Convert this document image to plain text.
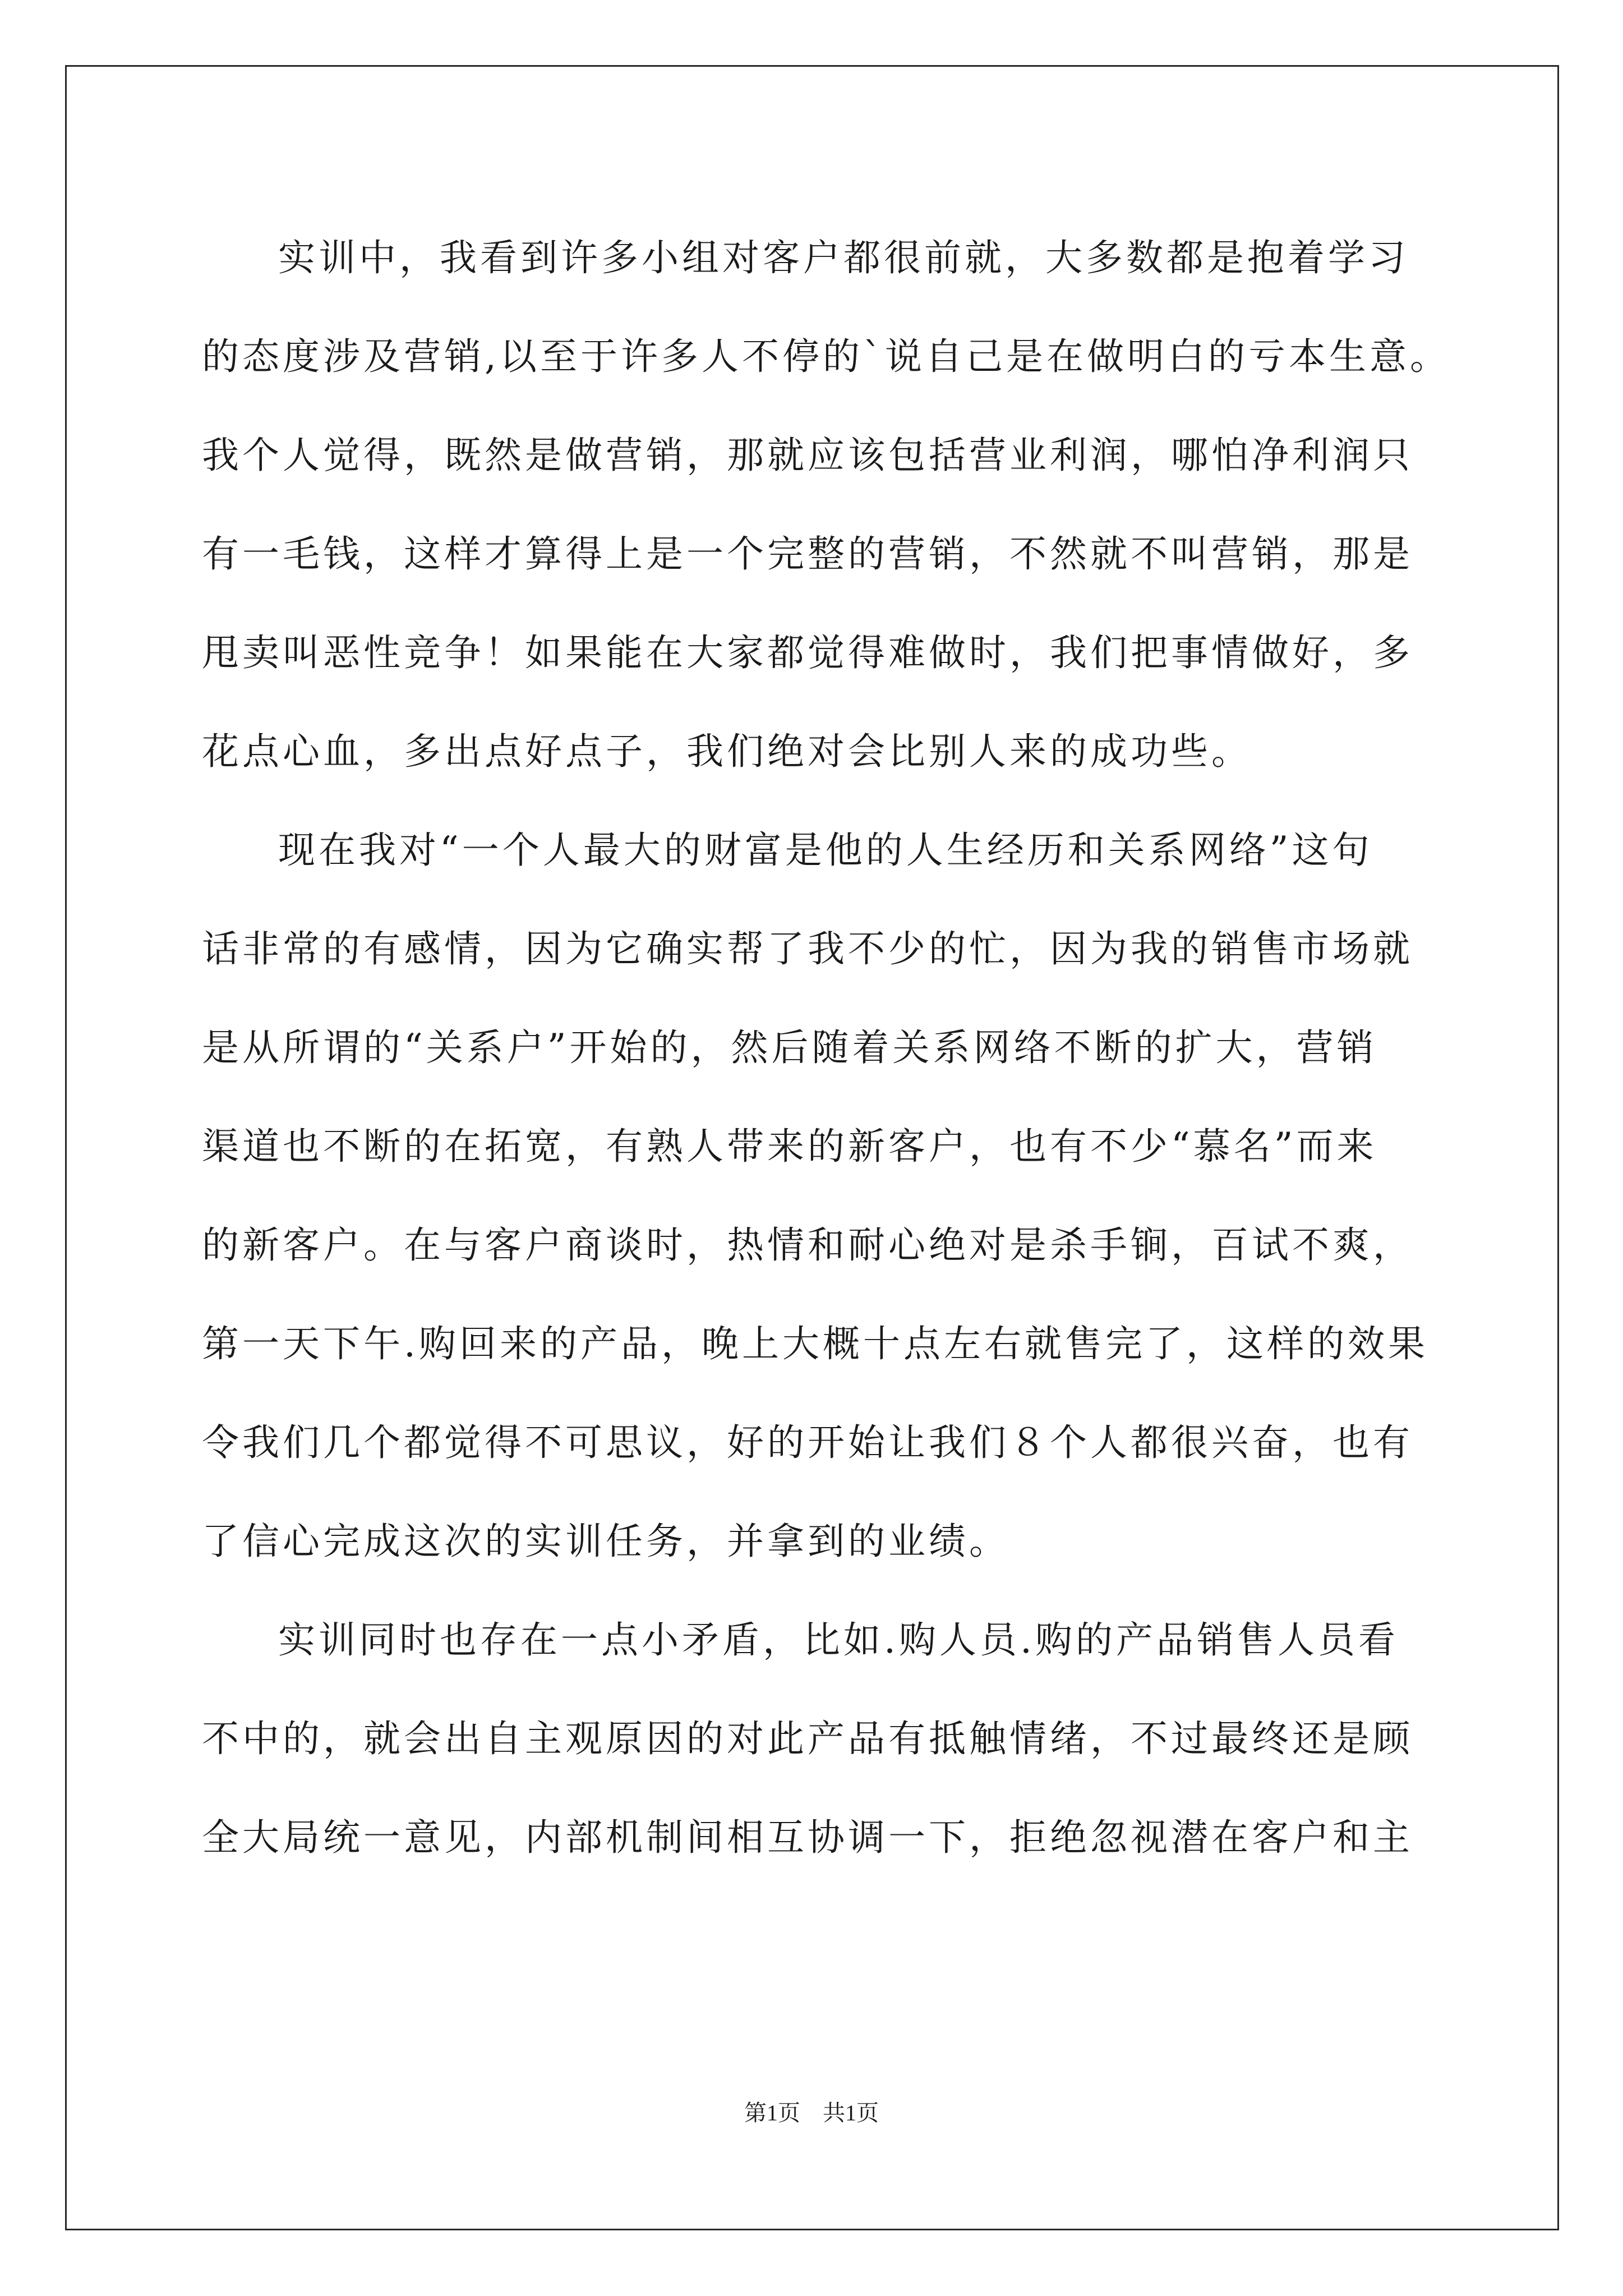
实训中，我看到许多小组对客户都很前就，大多数都是抱着学习
的态度涉及营销,以至于许多人不停的`说自己是在做明白的亏本生意。
我个人觉得，既然是做营销，那就应该包括营业利润，哪怕净利润只
有一毛钱，这样才算得上是一个完整的营销，不然就不叫营销，那是
甩卖叫恶性竞争！如果能在大家都觉得难做时，我们把事情做好，多
花点心血，多出点好点子，我们绝对会比别人来的成功些。
现在我对“一个人最大的财富是他的人生经历和关系网络”这句
话非常的有感情，因为它确实帮了我不少的忙，因为我的销售市场就
是从所谓的“关系户”开始的，然后随着关系网络不断的扩大，营销
渠道也不断的在拓宽，有熟人带来的新客户，也有不少“慕名”而来
的新客户。在与客户商谈时，热情和耐心绝对是杀手锏，百试不爽，
第一天下午.购回来的产品，晚上大概十点左右就售完了，这样的效果
令我们几个都觉得不可思议，好的开始让我们８个人都很兴奋，也有
了信心完成这次的实训任务，并拿到的业绩。
实训同时也存在一点小矛盾，比如.购人员.购的产品销售人员看
不中的，就会出自主观原因的对此产品有抵触情绪，不过最终还是顾
全大局统一意见，内部机制间相互协调一下，拒绝忽视潜在客户和主
第1页　共1页
